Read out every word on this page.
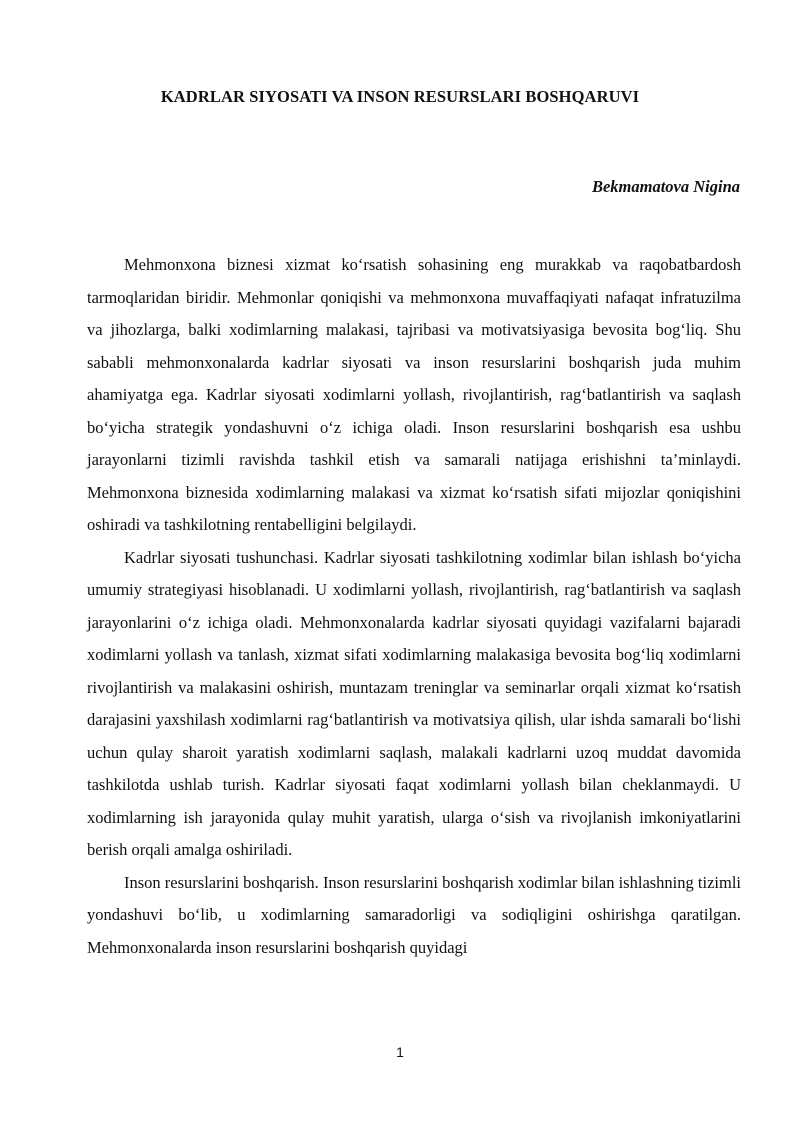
KADRLAR SIYOSATI VA INSON RESURSLARI BOSHQARUVI

Bekmamatova Nigina

Mehmonxona biznesi xizmat ko‘rsatish sohasining eng murakkab va raqobatbardosh tarmoqlaridan biridir. Mehmonlar qoniqishi va mehmonxona muvaffaqiyati nafaqat infratuzilma va jihozlarga, balki xodimlarning malakasi, tajribasi va motivatsiyasiga bevosita bog‘liq. Shu sababli mehmonxonalarda kadrlar siyosati va inson resurslarini boshqarish juda muhim ahamiyatga ega. Kadrlar siyosati xodimlarni yollash, rivojlantirish, rag‘batlantirish va saqlash bo‘yicha strategik yondashuvni o‘z ichiga oladi. Inson resurslarini boshqarish esa ushbu jarayonlarni tizimli ravishda tashkil etish va samarali natijaga erishishni ta’minlaydi. Mehmonxona biznesida xodimlarning malakasi va xizmat ko‘rsatish sifati mijozlar qoniqishini oshiradi va tashkilotning rentabelligini belgilaydi.

Kadrlar siyosati tushunchasi. Kadrlar siyosati tashkilotning xodimlar bilan ishlash bo‘yicha umumiy strategiyasi hisoblanadi. U xodimlarni yollash, rivojlantirish, rag‘batlantirish va saqlash jarayonlarini o‘z ichiga oladi. Mehmonxonalarda kadrlar siyosati quyidagi vazifalarni bajaradi xodimlarni yollash va tanlash, xizmat sifati xodimlarning malakasiga bevosita bog‘liq xodimlarni rivojlantirish va malakasini oshirish, muntazam treninglar va seminarlar orqali xizmat ko‘rsatish darajasini yaxshilash xodimlarni rag‘batlantirish va motivatsiya qilish, ular ishda samarali bo‘lishi uchun qulay sharoit yaratish xodimlarni saqlash, malakali kadrlarni uzoq muddat davomida tashkilotda ushlab turish. Kadrlar siyosati faqat xodimlarni yollash bilan cheklanmaydi. U xodimlarning ish jarayonida qulay muhit yaratish, ularga o‘sish va rivojlanish imkoniyatlarini berish orqali amalga oshiriladi.

Inson resurslarini boshqarish. Inson resurslarini boshqarish xodimlar bilan ishlashning tizimli yondashuvi bo‘lib, u xodimlarning samaradorligi va sodiqligini oshirishga qaratilgan. Mehmonxonalarda inson resurslarini boshqarish quyidagi

1
